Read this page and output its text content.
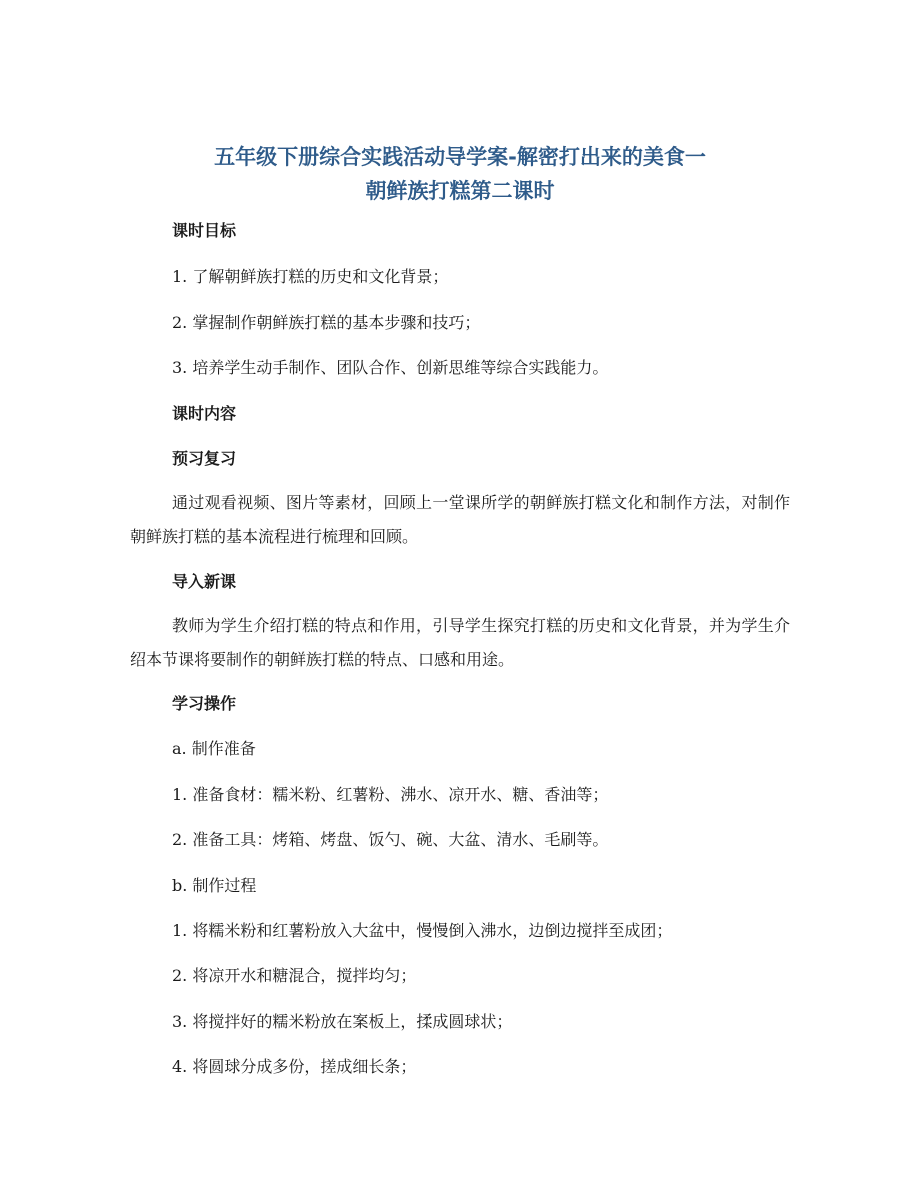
五年级下册综合实践活动导学案-解密打出来的美食一
朝鲜族打糕第二课时
课时目标
1. 了解朝鲜族打糕的历史和文化背景；
2. 掌握制作朝鲜族打糕的基本步骤和技巧；
3. 培养学生动手制作、团队合作、创新思维等综合实践能力。
课时内容
预习复习
通过观看视频、图片等素材，回顾上一堂课所学的朝鲜族打糕文化和制作方法，对制作朝鲜族打糕的基本流程进行梳理和回顾。
导入新课
教师为学生介绍打糕的特点和作用，引导学生探究打糕的历史和文化背景，并为学生介绍本节课将要制作的朝鲜族打糕的特点、口感和用途。
学习操作
a. 制作准备
1. 准备食材：糯米粉、红薯粉、沸水、凉开水、糖、香油等；
2. 准备工具：烤箱、烤盘、饭勺、碗、大盆、清水、毛刷等。
b. 制作过程
1. 将糯米粉和红薯粉放入大盆中，慢慢倒入沸水，边倒边搅拌至成团；
2. 将凉开水和糖混合，搅拌均匀；
3. 将搅拌好的糯米粉放在案板上，揉成圆球状；
4. 将圆球分成多份，搓成细长条；
